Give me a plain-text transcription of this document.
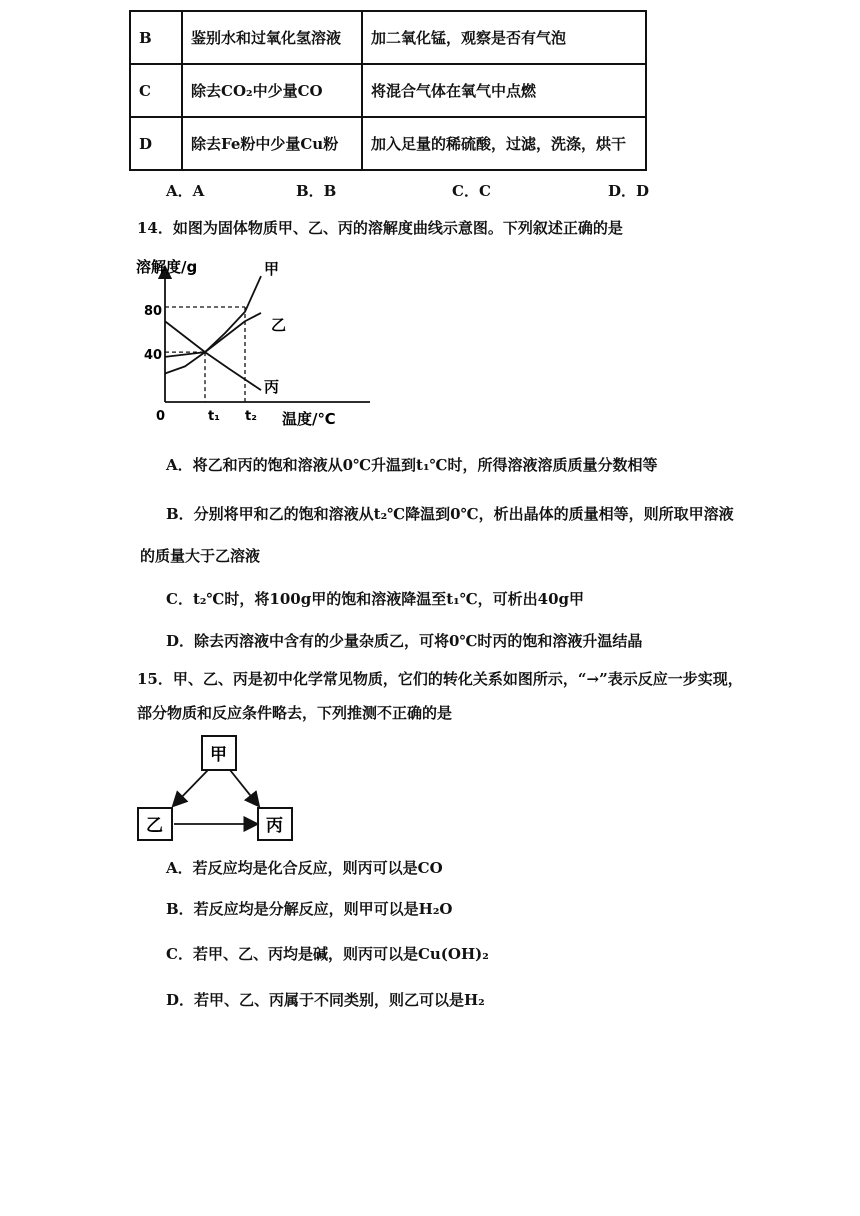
B	鉴别水和过氧化氢溶液	加二氧化锰，观察是否有气泡
C	除去CO₂中少量CO	将混合气体在氧气中点燃
D	除去Fe粉中少量Cu粉	加入足量的稀硫酸，过滤，洗涤，烘干
A．A	B．B	C．C	D．D
14．如图为固体物质甲、乙、丙的溶解度曲线示意图。下列叙述正确的是
溶解度/g
温度/℃
0
80
40
t₁ t₂
甲
乙
丙
A．将乙和丙的饱和溶液从0℃升温到t₁℃时，所得溶液溶质质量分数相等
B．分别将甲和乙的饱和溶液从t₂℃降温到0℃，析出晶体的质量相等，则所取甲溶液
的质量大于乙溶液
C．t₂℃时，将100g甲的饱和溶液降温至t₁℃，可析出40g甲
D．除去丙溶液中含有的少量杂质乙，可将0℃时丙的饱和溶液升温结晶
15．甲、乙、丙是初中化学常见物质，它们的转化关系如图所示，“→”表示反应一步实现，
部分物质和反应条件略去，下列推测不正确的是
甲
乙	丙
A．若反应均是化合反应，则丙可以是CO
B．若反应均是分解反应，则甲可以是H₂O
C．若甲、乙、丙均是碱，则丙可以是Cu(OH)₂
D．若甲、乙、丙属于不同类别，则乙可以是H₂
